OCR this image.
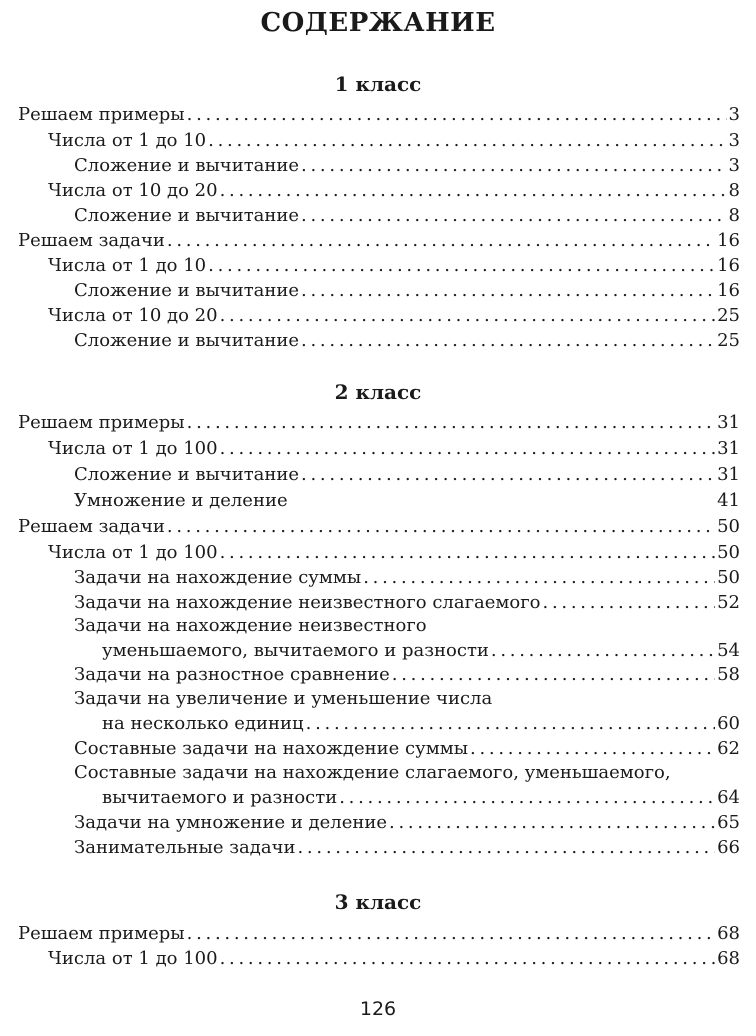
СОДЕРЖАНИЕ
1 класс
Решаем примеры . . .	3
Числа от 1 до 10 . . .	3
Сложение и вычитание . . .	3
Числа от 10 до 20 . . .	8
Сложение и вычитание . . .	8
Решаем задачи . . .	16
Числа от 1 до 10 . . .	16
Сложение и вычитание . . .	16
Числа от 10 до 20 . . .	25
Сложение и вычитание . . .	25
2 класс
Решаем примеры . . .	31
Числа от 1 до 100 . . .	31
Сложение и вычитание . . .	31
Умножение и деление	41
Решаем задачи . . .	50
Числа от 1 до 100 . . .	50
Задачи на нахождение суммы . . .	50
Задачи на нахождение неизвестного слагаемого . . .	52
Задачи на нахождение неизвестного
уменьшаемого, вычитаемого и разности . . .	54
Задачи на разностное сравнение . . .	58
Задачи на увеличение и уменьшение числа
на несколько единиц . . .	60
Составные задачи на нахождение суммы . . .	62
Составные задачи на нахождение слагаемого, уменьшаемого,
вычитаемого и разности . . .	64
Задачи на умножение и деление . . .	65
Занимательные задачи . . .	66
3 класс
Решаем примеры . . .	68
Числа от 1 до 100 . . .	68
126
